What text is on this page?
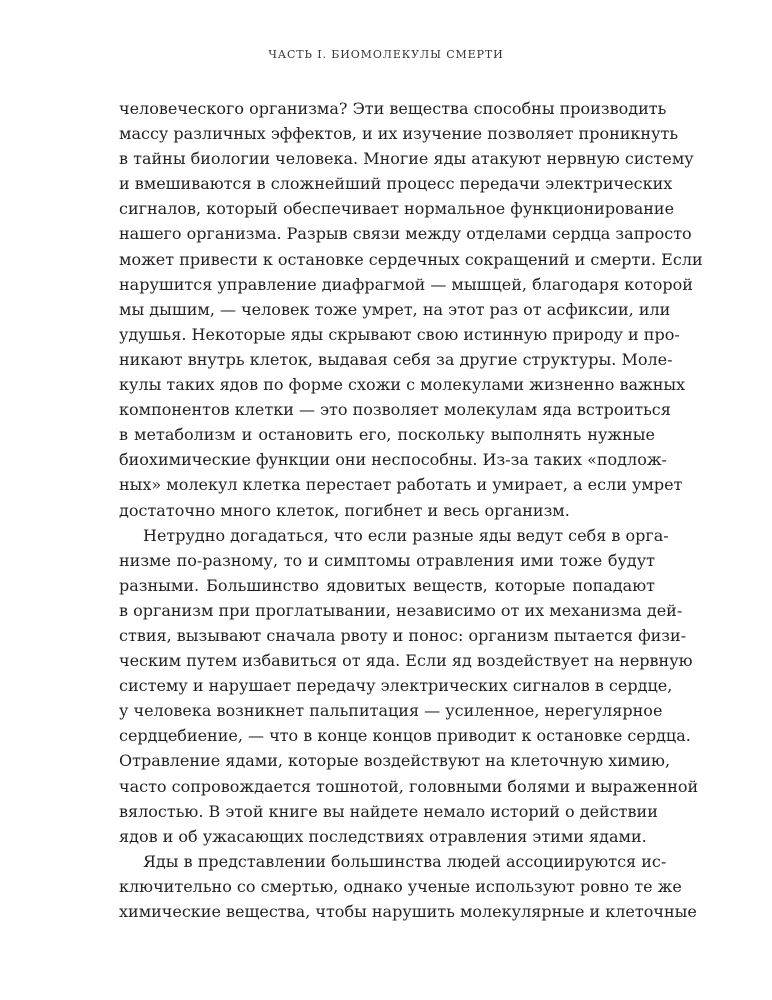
ЧАСТЬ I. БИОМОЛЕКУЛЫ СМЕРТИ
человеческого организма? Эти вещества способны производить
массу различных эффектов, и их изучение позволяет проникнуть
в тайны биологии человека. Многие яды атакуют нервную систему
и вмешиваются в сложнейший процесс передачи электрических
сигналов, который обеспечивает нормальное функционирование
нашего организма. Разрыв связи между отделами сердца запросто
может привести к остановке сердечных сокращений и смерти. Если
нарушится управление диафрагмой — мышцей, благодаря которой
мы дышим, — человек тоже умрет, на этот раз от асфиксии, или
удушья. Некоторые яды скрывают свою истинную природу и про-
никают внутрь клеток, выдавая себя за другие структуры. Моле-
кулы таких ядов по форме схожи с молекулами жизненно важных
компонентов клетки — это позволяет молекулам яда встроиться
в метаболизм и остановить его, поскольку выполнять нужные
биохимические функции они неспособны. Из-за таких «подлож-
ных» молекул клетка перестает работать и умирает, а если умрет
достаточно много клеток, погибнет и весь организм.
Нетрудно догадаться, что если разные яды ведут себя в орга-
низме по-разному, то и симптомы отравления ими тоже будут
разными. Большинство ядовитых веществ, которые попадают
в организм при проглатывании, независимо от их механизма дей-
ствия, вызывают сначала рвоту и понос: организм пытается физи-
ческим путем избавиться от яда. Если яд воздействует на нервную
систему и нарушает передачу электрических сигналов в сердце,
у человека возникнет пальпитация — усиленное, нерегулярное
сердцебиение, — что в конце концов приводит к остановке сердца.
Отравление ядами, которые воздействуют на клеточную химию,
часто сопровождается тошнотой, головными болями и выраженной
вялостью. В этой книге вы найдете немало историй о действии
ядов и об ужасающих последствиях отравления этими ядами.
Яды в представлении большинства людей ассоциируются ис-
ключительно со смертью, однако ученые используют ровно те же
химические вещества, чтобы нарушить молекулярные и клеточные
